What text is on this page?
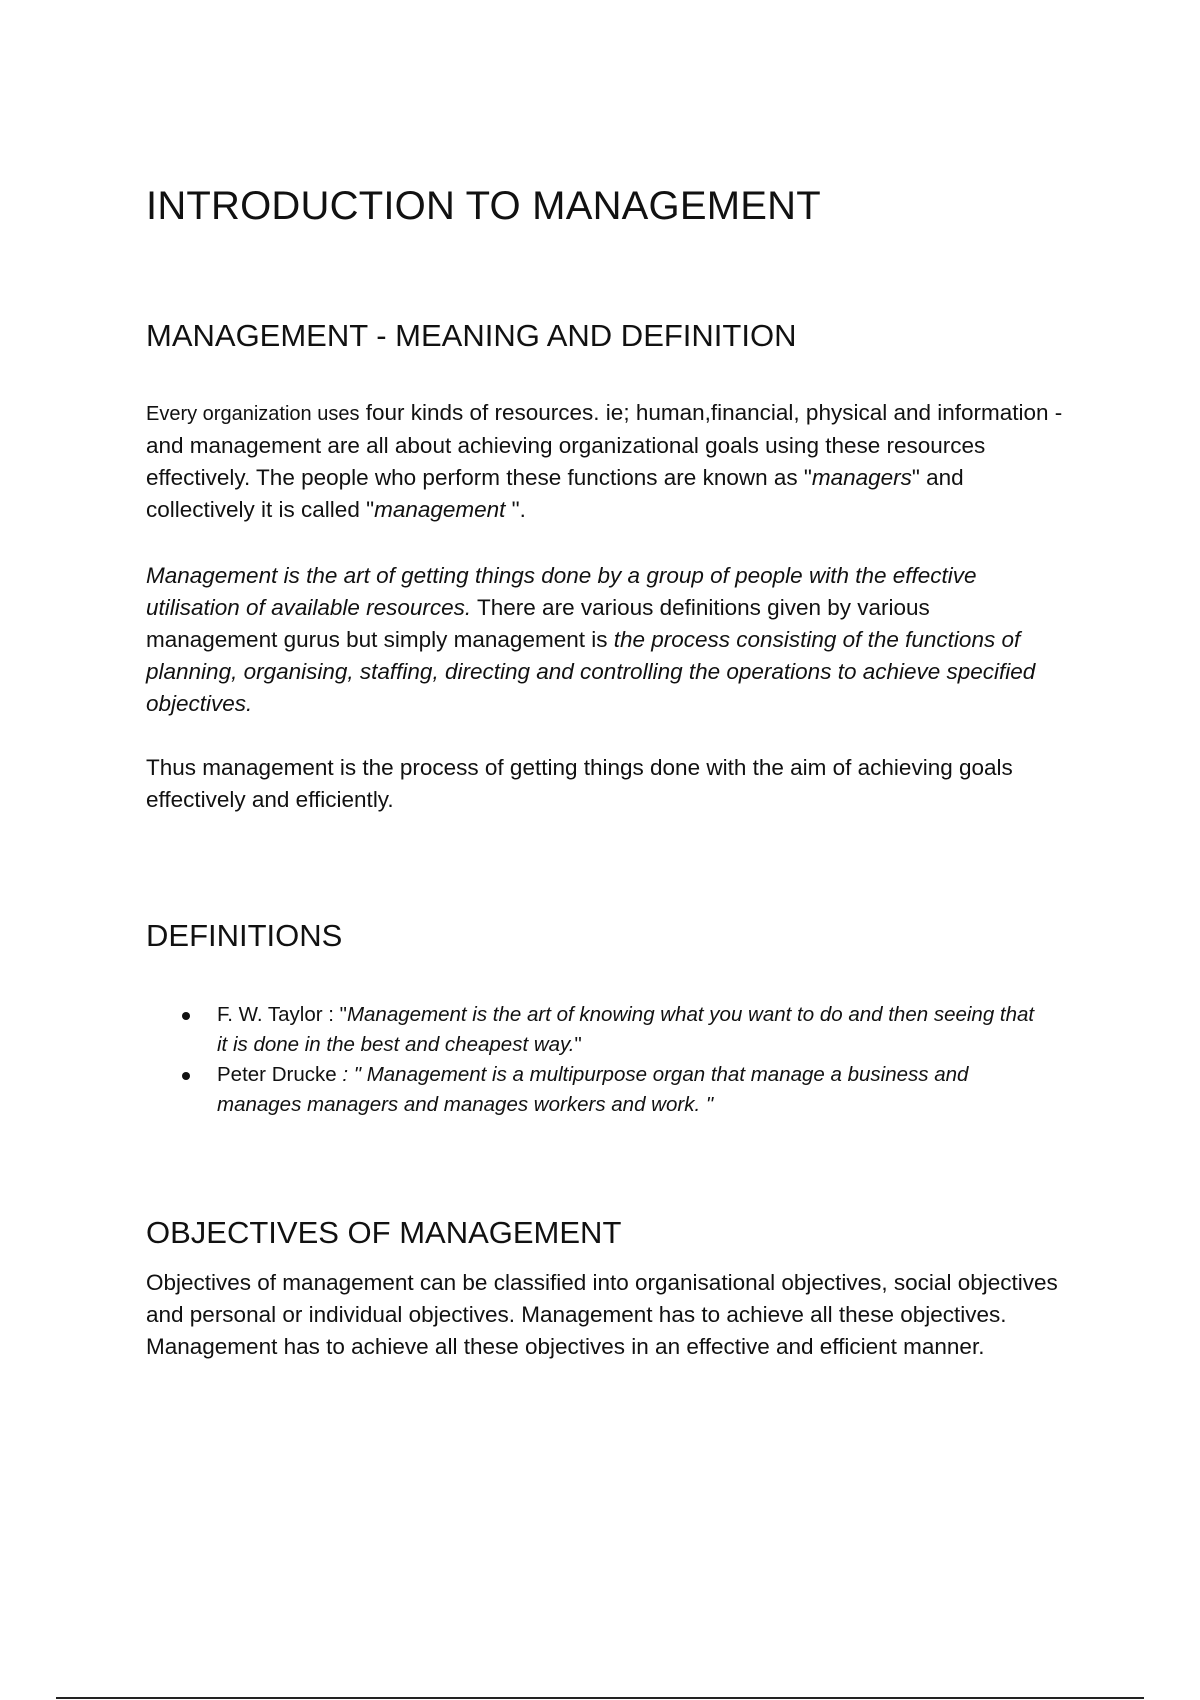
INTRODUCTION TO MANAGEMENT
MANAGEMENT - MEANING AND DEFINITION

Every organization uses four kinds of resources. ie; human,financial, physical and information - and management are all about achieving organizational goals using these resources effectively. The people who perform these functions are known as "managers" and collectively it is called "management ".

Management is the art of getting things done by a group of people with the effective utilisation of available resources. There are various definitions given by various management gurus but simply management is the process consisting of the functions of planning, organising, staffing, directing and controlling the operations to achieve specified objectives.

Thus management is the process of getting things done with the aim of achieving goals effectively and efficiently.

DEFINITIONS
F. W. Taylor : "Management is the art of knowing what you want to do and then seeing that it is done in the best and cheapest way."
Peter Drucke : " Management is a multipurpose organ that manage a business and manages managers and manages workers and work. "
OBJECTIVES OF MANAGEMENT

Objectives of management can be classified into organisational objectives, social objectives and personal or individual objectives. Management has to achieve all these objectives. Management has to achieve all these objectives in an effective and efficient manner.
